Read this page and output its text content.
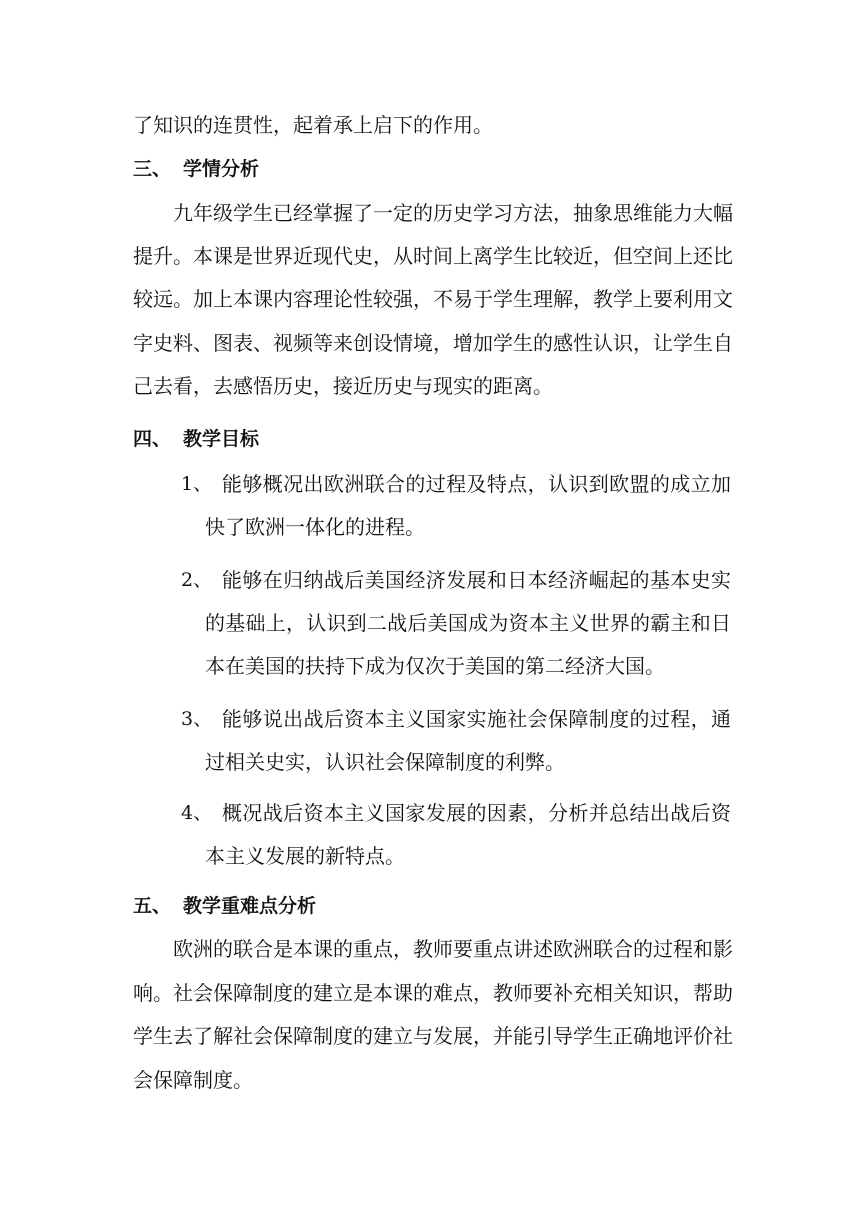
了知识的连贯性，起着承上启下的作用。
三、 学情分析
九年级学生已经掌握了一定的历史学习方法，抽象思维能力大幅
提升。本课是世界近现代史，从时间上离学生比较近，但空间上还比
较远。加上本课内容理论性较强，不易于学生理解，教学上要利用文
字史料、图表、视频等来创设情境，增加学生的感性认识，让学生自
己去看，去感悟历史，接近历史与现实的距离。
四、 教学目标
1、 能够概况出欧洲联合的过程及特点，认识到欧盟的成立加
快了欧洲一体化的进程。
2、 能够在归纳战后美国经济发展和日本经济崛起的基本史实
的基础上，认识到二战后美国成为资本主义世界的霸主和日
本在美国的扶持下成为仅次于美国的第二经济大国。
3、 能够说出战后资本主义国家实施社会保障制度的过程，通
过相关史实，认识社会保障制度的利弊。
4、 概况战后资本主义国家发展的因素，分析并总结出战后资
本主义发展的新特点。
五、 教学重难点分析
欧洲的联合是本课的重点，教师要重点讲述欧洲联合的过程和影
响。社会保障制度的建立是本课的难点，教师要补充相关知识，帮助
学生去了解社会保障制度的建立与发展，并能引导学生正确地评价社
会保障制度。
